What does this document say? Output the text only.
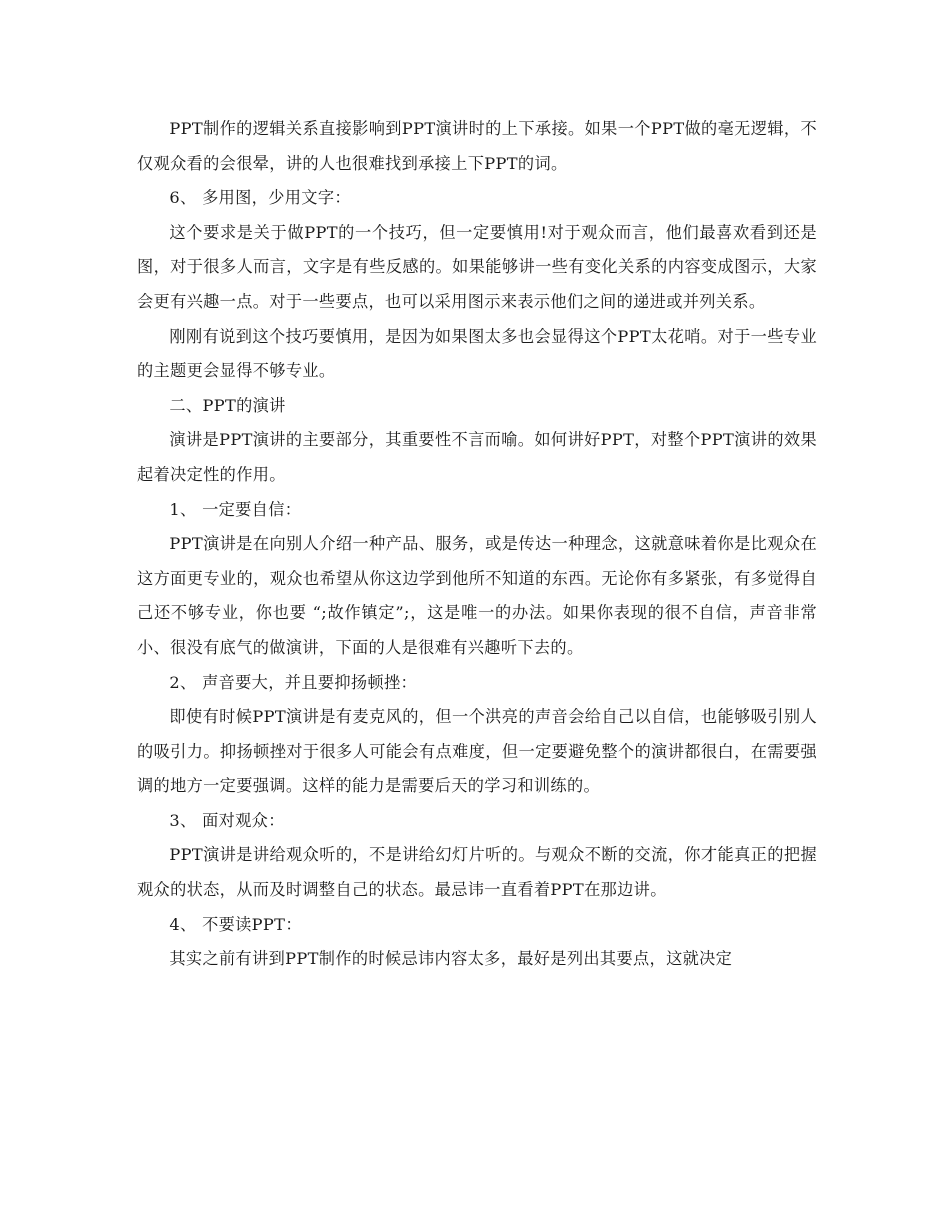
PPT制作的逻辑关系直接影响到PPT演讲时的上下承接。如果一个PPT做的毫无逻辑，不仅观众看的会很晕，讲的人也很难找到承接上下PPT的词。

6、 多用图，少用文字：

这个要求是关于做PPT的一个技巧，但一定要慎用!对于观众而言，他们最喜欢看到还是图，对于很多人而言，文字是有些反感的。如果能够讲一些有变化关系的内容变成图示，大家会更有兴趣一点。对于一些要点，也可以采用图示来表示他们之间的递进或并列关系。

刚刚有说到这个技巧要慎用，是因为如果图太多也会显得这个PPT太花哨。对于一些专业的主题更会显得不够专业。

二、PPT的演讲

演讲是PPT演讲的主要部分，其重要性不言而喻。如何讲好PPT，对整个PPT演讲的效果起着决定性的作用。

1、 一定要自信：

PPT演讲是在向别人介绍一种产品、服务，或是传达一种理念，这就意味着你是比观众在这方面更专业的，观众也希望从你这边学到他所不知道的东西。无论你有多紧张，有多觉得自己还不够专业，你也要 “;故作镇定”;，这是唯一的办法。如果你表现的很不自信，声音非常小、很没有底气的做演讲，下面的人是很难有兴趣听下去的。

2、 声音要大，并且要抑扬顿挫：

即使有时候PPT演讲是有麦克风的，但一个洪亮的声音会给自己以自信，也能够吸引别人的吸引力。抑扬顿挫对于很多人可能会有点难度，但一定要避免整个的演讲都很白，在需要强调的地方一定要强调。这样的能力是需要后天的学习和训练的。

3、 面对观众：

PPT演讲是讲给观众听的，不是讲给幻灯片听的。与观众不断的交流，你才能真正的把握观众的状态，从而及时调整自己的状态。最忌讳一直看着PPT在那边讲。

4、 不要读PPT：

其实之前有讲到PPT制作的时候忌讳内容太多，最好是列出其要点，这就决定
